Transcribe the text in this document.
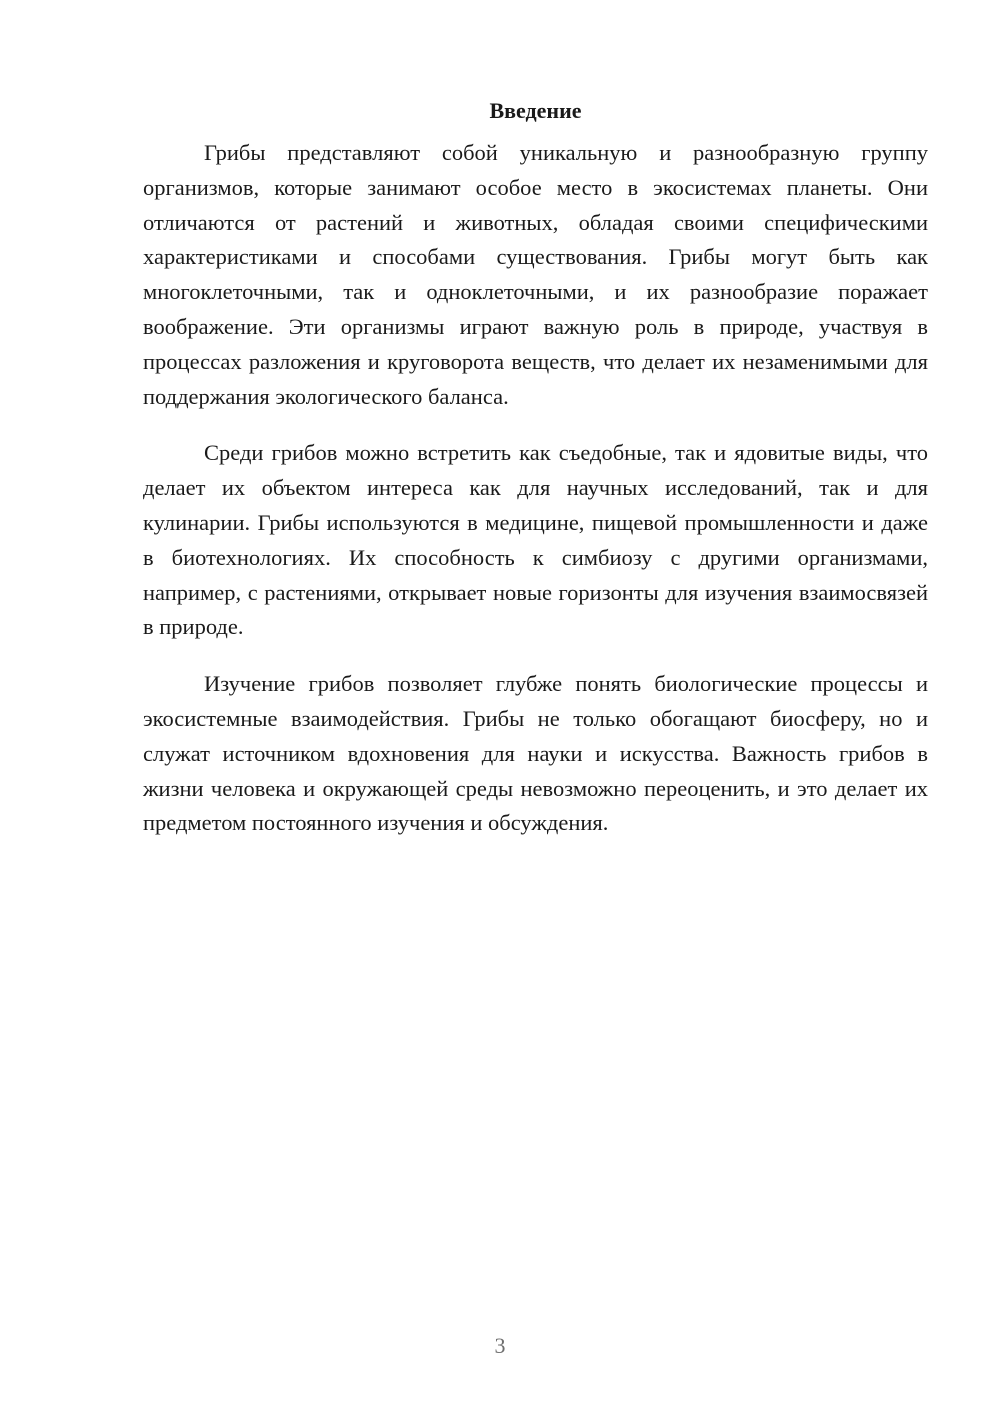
Введение

Грибы представляют собой уникальную и разнообразную группу организмов, которые занимают особое место в экосистемах планеты. Они отличаются от растений и животных, обладая своими специфическими характеристиками и способами существования. Грибы могут быть как многоклеточными, так и одноклеточными, и их разнообразие поражает воображение. Эти организмы играют важную роль в природе, участвуя в процессах разложения и круговорота веществ, что делает их незаменимыми для поддержания экологического баланса.

Среди грибов можно встретить как съедобные, так и ядовитые виды, что делает их объектом интереса как для научных исследований, так и для кулинарии. Грибы используются в медицине, пищевой промышленности и даже в биотехнологиях. Их способность к симбиозу с другими организмами, например, с растениями, открывает новые горизонты для изучения взаимосвязей в природе.

Изучение грибов позволяет глубже понять биологические процессы и экосистемные взаимодействия. Грибы не только обогащают биосферу, но и служат источником вдохновения для науки и искусства. Важность грибов в жизни человека и окружающей среды невозможно переоценить, и это делает их предметом постоянного изучения и обсуждения.

3
